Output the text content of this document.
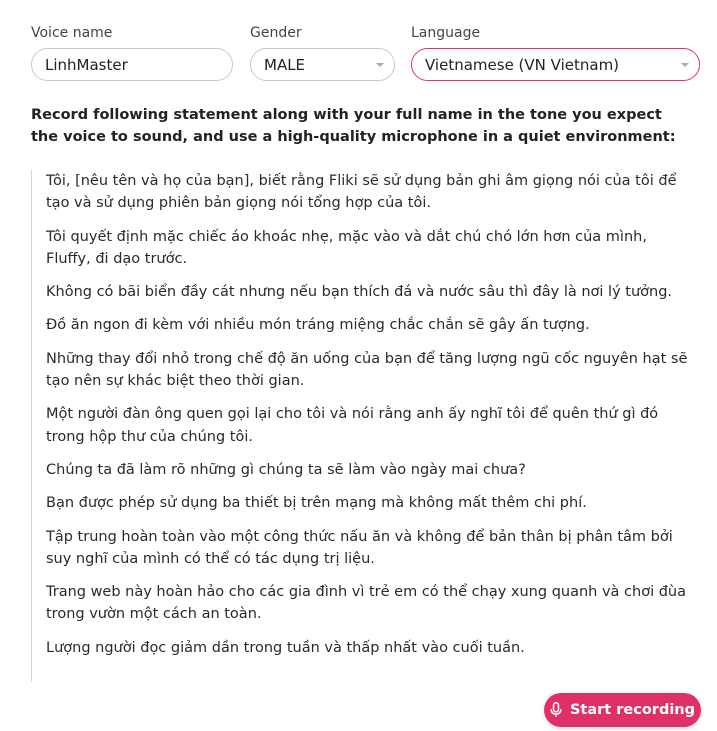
Voice name
LinhMaster
Gender
MALE
Language
Vietnamese (VN Vietnam)
Record following statement along with your full name in the tone you expect the voice to sound, and use a high-quality microphone in a quiet environment:

Tôi, [nêu tên và họ của bạn], biết rằng Fliki sẽ sử dụng bản ghi âm giọng nói của tôi để tạo và sử dụng phiên bản giọng nói tổng hợp của tôi.

Tôi quyết định mặc chiếc áo khoác nhẹ, mặc vào và dắt chú chó lớn hơn của mình, Fluffy, đi dạo trước.

Không có bãi biển đầy cát nhưng nếu bạn thích đá và nước sâu thì đây là nơi lý tưởng.

Đồ ăn ngon đi kèm với nhiều món tráng miệng chắc chắn sẽ gây ấn tượng.

Những thay đổi nhỏ trong chế độ ăn uống của bạn để tăng lượng ngũ cốc nguyên hạt sẽ tạo nên sự khác biệt theo thời gian.

Một người đàn ông quen gọi lại cho tôi và nói rằng anh ấy nghĩ tôi để quên thứ gì đó trong hộp thư của chúng tôi.

Chúng ta đã làm rõ những gì chúng ta sẽ làm vào ngày mai chưa?

Bạn được phép sử dụng ba thiết bị trên mạng mà không mất thêm chi phí.

Tập trung hoàn toàn vào một công thức nấu ăn và không để bản thân bị phân tâm bởi suy nghĩ của mình có thể có tác dụng trị liệu.

Trang web này hoàn hảo cho các gia đình vì trẻ em có thể chạy xung quanh và chơi đùa trong vườn một cách an toàn.

Lượng người đọc giảm dần trong tuần và thấp nhất vào cuối tuần.

Start recording
